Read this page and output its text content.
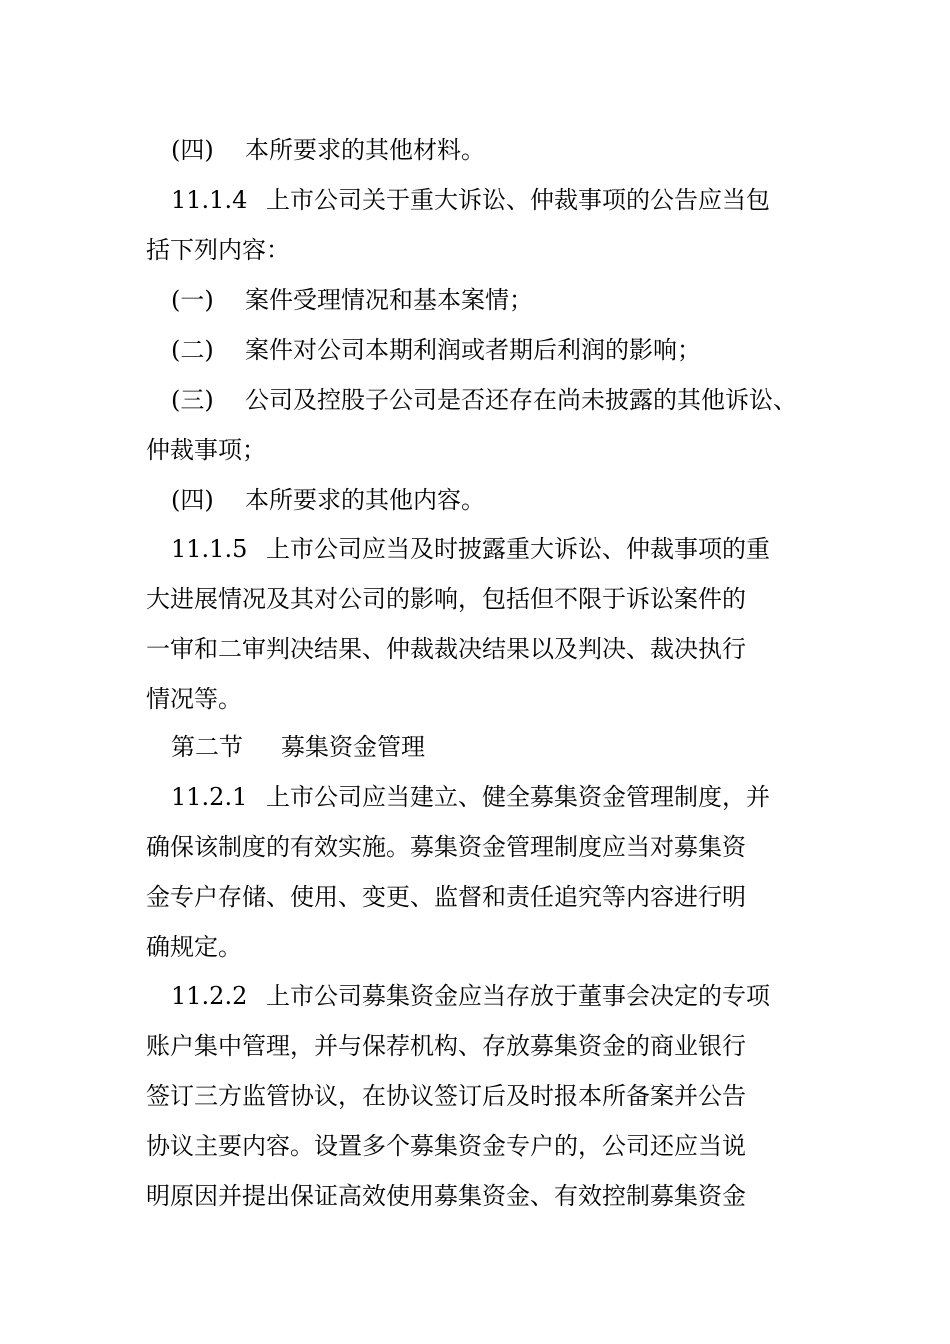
(四) 本所要求的其他材料。
11.1.4 上市公司关于重大诉讼、仲裁事项的公告应当包
括下列内容：
(一) 案件受理情况和基本案情；
(二) 案件对公司本期利润或者期后利润的影响；
(三) 公司及控股子公司是否还存在尚未披露的其他诉讼、
仲裁事项；
(四) 本所要求的其他内容。
11.1.5 上市公司应当及时披露重大诉讼、仲裁事项的重
大进展情况及其对公司的影响，包括但不限于诉讼案件的
一审和二审判决结果、仲裁裁决结果以及判决、裁决执行
情况等。
第二节 募集资金管理
11.2.1 上市公司应当建立、健全募集资金管理制度，并
确保该制度的有效实施。募集资金管理制度应当对募集资
金专户存储、使用、变更、监督和责任追究等内容进行明
确规定。
11.2.2 上市公司募集资金应当存放于董事会决定的专项
账户集中管理，并与保荐机构、存放募集资金的商业银行
签订三方监管协议，在协议签订后及时报本所备案并公告
协议主要内容。设置多个募集资金专户的，公司还应当说
明原因并提出保证高效使用募集资金、有效控制募集资金
